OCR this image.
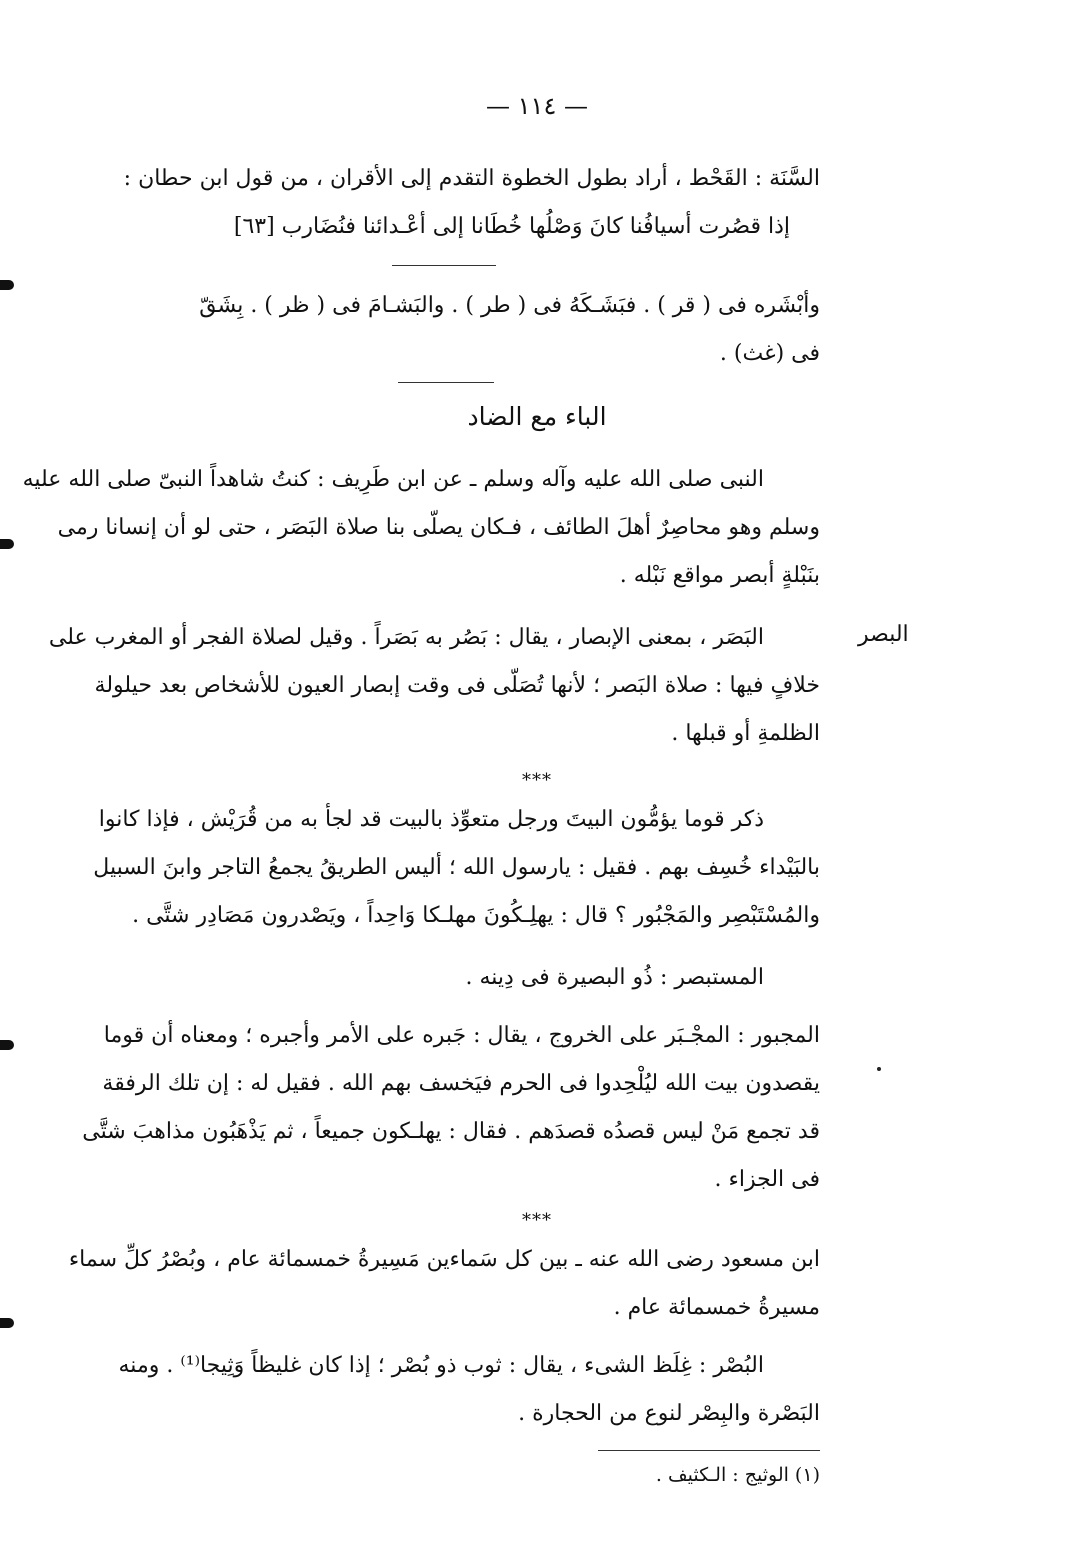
— ١١٤ —
السَّنَة : القَحْط ، أراد بطول الخطوة التقدم إلى الأقران ، من قول ابن حطان :
إذا قصُرت أسيافُنا كانَ وَصْلُها خُطَانا إلى أعْـدائنا فنُضَارب [٦٣]
وأبْشَره فى ( قر ) . فبَشَـكَهُ فى ( طر ) . والبَشـامَ فى ( ظر ) . بِشَقّ
فى (غث) .
الباء مع الضاد
النبى صلى الله عليه وآله وسلم ـ عن ابن طَرِيف : كنتُ شاهداً النبىّ صلى الله عليه
وسلم وهو محاصِرٌ أهلَ الطائف ، فـكان يصلّى بنا صلاة البَصَر ، حتى لو أن إنسانا رمى
بنَبْلةٍ أبصر مواقع نَبْله .
البصر
البَصَر ، بمعنى الإبصار ، يقال : بَصُر به بَصَراً . وقيل لصلاة الفجر أو المغرب على
خلافٍ فيها : صلاة البَصر ؛ لأنها تُصَلّى فى وقت إبصار العيون للأشخاص بعد حيلولة
الظلمةِ أو قبلها .
***
ذكر قوما يؤمُّون البيتَ ورجل متعوِّذ بالبيت قد لجأ به من قُرَيْش ، فإذا كانوا
بالبَيْداء خُسِف بهم . فقيل : يارسول الله ؛ أليس الطريقُ يجمعُ التاجر وابنَ السبيل
والمُسْتَبْصِر والمَجْبُور ؟ قال : يهلِـكُونَ مهلـكا وَاحِداً ، ويَصْدرون مَصَادِر شتَّى .
المستبصر : ذُو البصيرة فى دِينه .
المجبور : المجْـبَر على الخروج ، يقال : جَبره على الأمر وأجبره ؛ ومعناه أن قوما
يقصدون بيت الله ليُلْحِدوا فى الحرم فيَخسف بهم الله . فقيل له : إن تلك الرفقة
قد تجمع مَنْ ليس قصدُه قصدَهم . فقال : يهلـكون جميعاً ، ثم يَذْهَبُون مذاهبَ شتَّى
فى الجزاء .
***
ابن مسعود رضى الله عنه ـ بين كل سَماءين مَسِيرةُ خمسمائة عام ، وبُصْرُ كلِّ سماء
مسيرةُ خمسمائة عام .
البُصْر : غِلَظ الشىء ، يقال : ثوب ذو بُصْر ؛ إذا كان غليظاً وَثِيجا⁽¹⁾ . ومنه
البَصْرة والبِصْر لنوع من الحجارة .
(١) الوثيج : الـكثيف .
